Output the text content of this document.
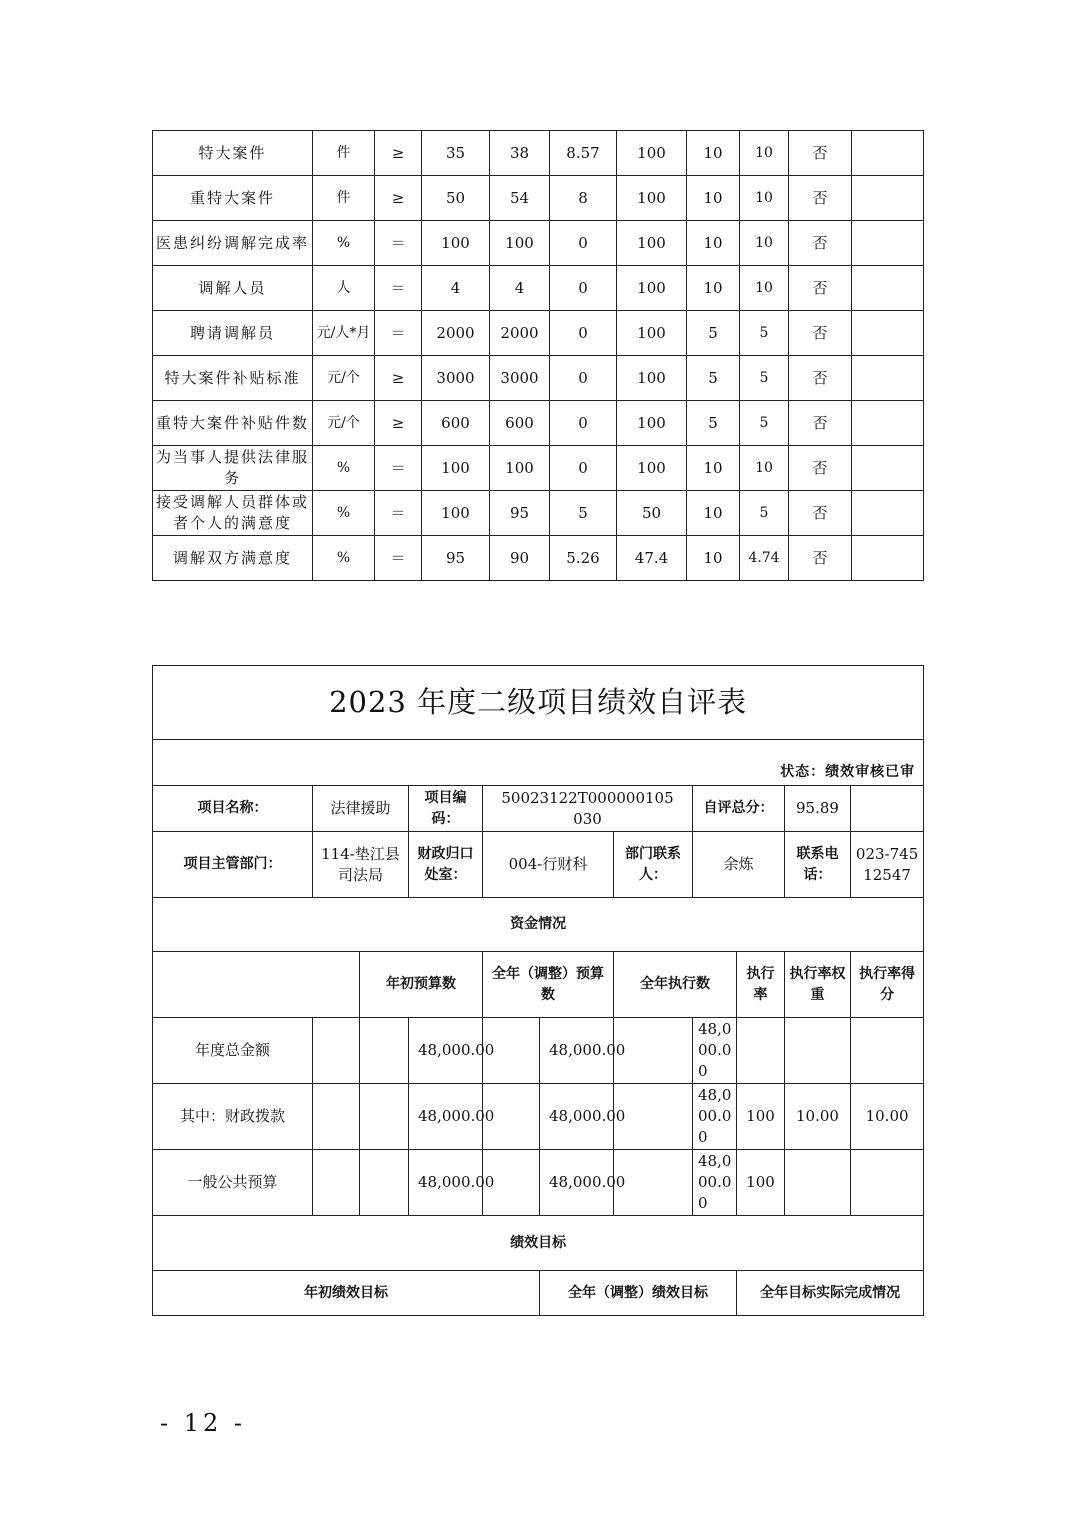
特大案件	件	≥	35	38	8.57	100	10	10	否	
重特大案件	件	≥	50	54	8	100	10	10	否	
医患纠纷调解完成率	%	＝	100	100	0	100	10	10	否	
调解人员	人	＝	4	4	0	100	10	10	否	
聘请调解员	元/人*月	＝	2000	2000	0	100	5	5	否	
特大案件补贴标准	元/个	≥	3000	3000	0	100	5	5	否	
重特大案件补贴件数	元/个	≥	600	600	0	100	5	5	否	
为当事人提供法律服务	%	＝	100	100	0	100	10	10	否	
接受调解人员群体或者个人的满意度	%	＝	100	95	5	50	10	5	否	
调解双方满意度	%	＝	95	90	5.26	47.4	10	4.74	否	
2023 年度二级项目绩效自评表										
状态：绩效审核已审										
项目名称：	法律援助		项目编码：	50023122T000000105030			自评总分：		95.89	
项目主管部门：	114-垫江县司法局		财政归口处室：	004-行财科		部门联系人：	余炼		联系电话：	023-74512547
资金情况										
		年初预算数		全年（调整）预算数		全年执行数		执行率	执行率权重	执行率得分
年度总金额			48,000.00		48,000.00		48,000.00			
其中：财政拨款			48,000.00		48,000.00		48,000.00	100	10.00	10.00
一般公共预算			48,000.00		48,000.00		48,000.00	100		
绩效目标										
年初绩效目标					全年（调整）绩效目标			全年目标实际完成情况		
- 12 -
